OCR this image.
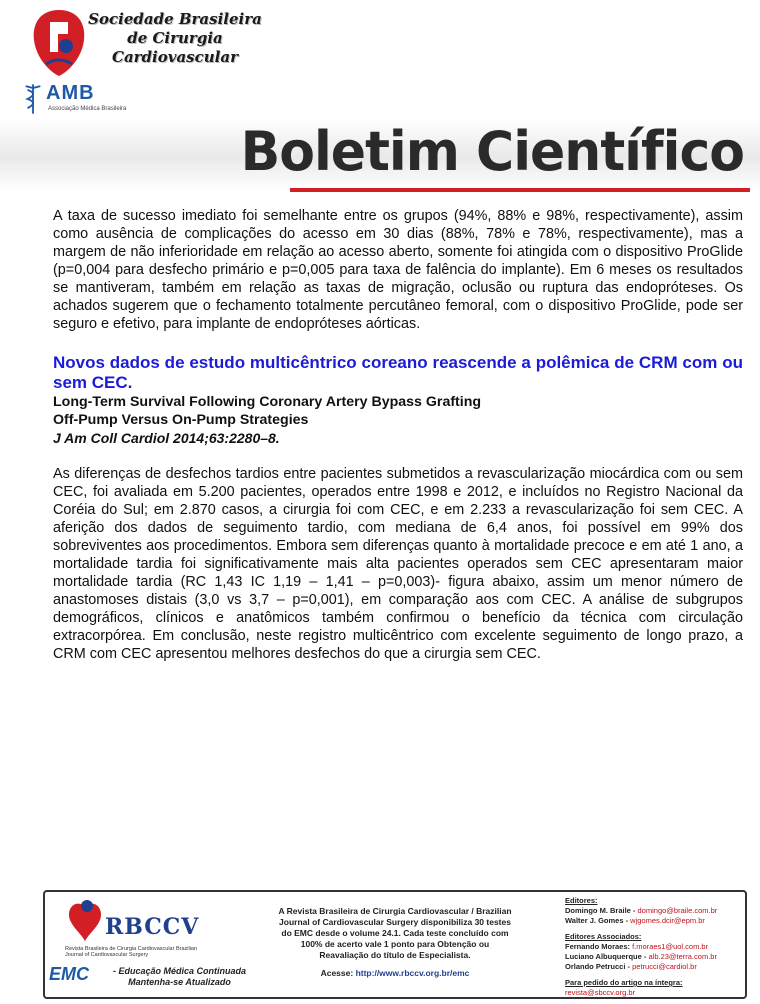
Sociedade Brasileira
de Cirurgia
Cardiovascular
AMB
Associação Médica Brasileira
Boletim Científico

A taxa de sucesso imediato foi semelhante entre os grupos (94%, 88% e 98%, respectivamente), assim como ausência de complicações do acesso em 30 dias (88%, 78% e 78%, respectivamente), mas a margem de não inferioridade em relação ao acesso aberto, somente foi atingida com o dispositivo ProGlide (p=0,004 para desfecho primário e p=0,005 para taxa de falência do implante). Em 6 meses os resultados se mantiveram, também em relação as taxas de migração, oclusão ou ruptura das endopróteses. Os achados sugerem que o fechamento totalmente percutâneo femoral, com o dispositivo ProGlide, pode ser seguro e efetivo, para implante de endopróteses aórticas.

Novos dados de estudo multicêntrico coreano reascende a polêmica de CRM com ou sem CEC.

Long-Term Survival Following Coronary Artery Bypass Grafting

Off-Pump Versus On-Pump Strategies

J Am Coll Cardiol 2014;63:2280–8.

As diferenças de desfechos tardios entre pacientes submetidos a revascularização miocárdica com ou sem CEC, foi avaliada em 5.200 pacientes, operados entre 1998 e 2012, e incluídos no Registro Nacional da Coréia do Sul; em 2.870 casos, a cirurgia foi com CEC, e em 2.233 a revascularização foi sem CEC. A aferição dos dados de seguimento tardio, com mediana de 6,4 anos, foi possível em 99% dos sobreviventes aos procedimentos. Embora sem diferenças quanto à mortalidade precoce e em até 1 ano, a mortalidade tardia foi significativamente mais alta pacientes operados sem CEC apresentaram maior mortalidade tardia (RC 1,43 IC 1,19 – 1,41 – p=0,003)- figura abaixo, assim um menor número de anastomoses distais (3,0 vs 3,7 – p=0,001), em comparação aos com CEC. A análise de subgrupos demográficos, clínicos e anatômicos também confirmou o benefício da técnica com circulação extracorpórea. Em conclusão, neste registro multicêntrico com excelente seguimento de longo prazo, a CRM com CEC apresentou melhores desfechos do que a cirurgia sem CEC.

RBCCV
Revista Brasileira de Cirurgia Cardiovascular Brazilian Journal of Cardiovascular Surgery
EMC	- Educação Médica Continuada
Mantenha-se Atualizado
A Revista Brasileira de Cirurgia Cardiovascular / Brazilian Journal of Cardiovascular Surgery disponibiliza 30 testes do EMC desde o volume 24.1. Cada teste concluído com 100% de acerto vale 1 ponto para Obtenção ou Reavaliação do título de Especialista.
Acesse: http://www.rbccv.org.br/emc
Editores:
Domingo M. Braile - domingo@braile.com.br
Walter J. Gomes - wjgomes.dcir@epm.br
Editores Associados:
Fernando Moraes: f.moraes1@uol.com.br
Luciano Albuquerque - alb.23@terra.com.br
Orlando Petrucci - petrucci@cardiol.br
Para pedido do artigo na íntegra:
revista@sbccv.org.br
